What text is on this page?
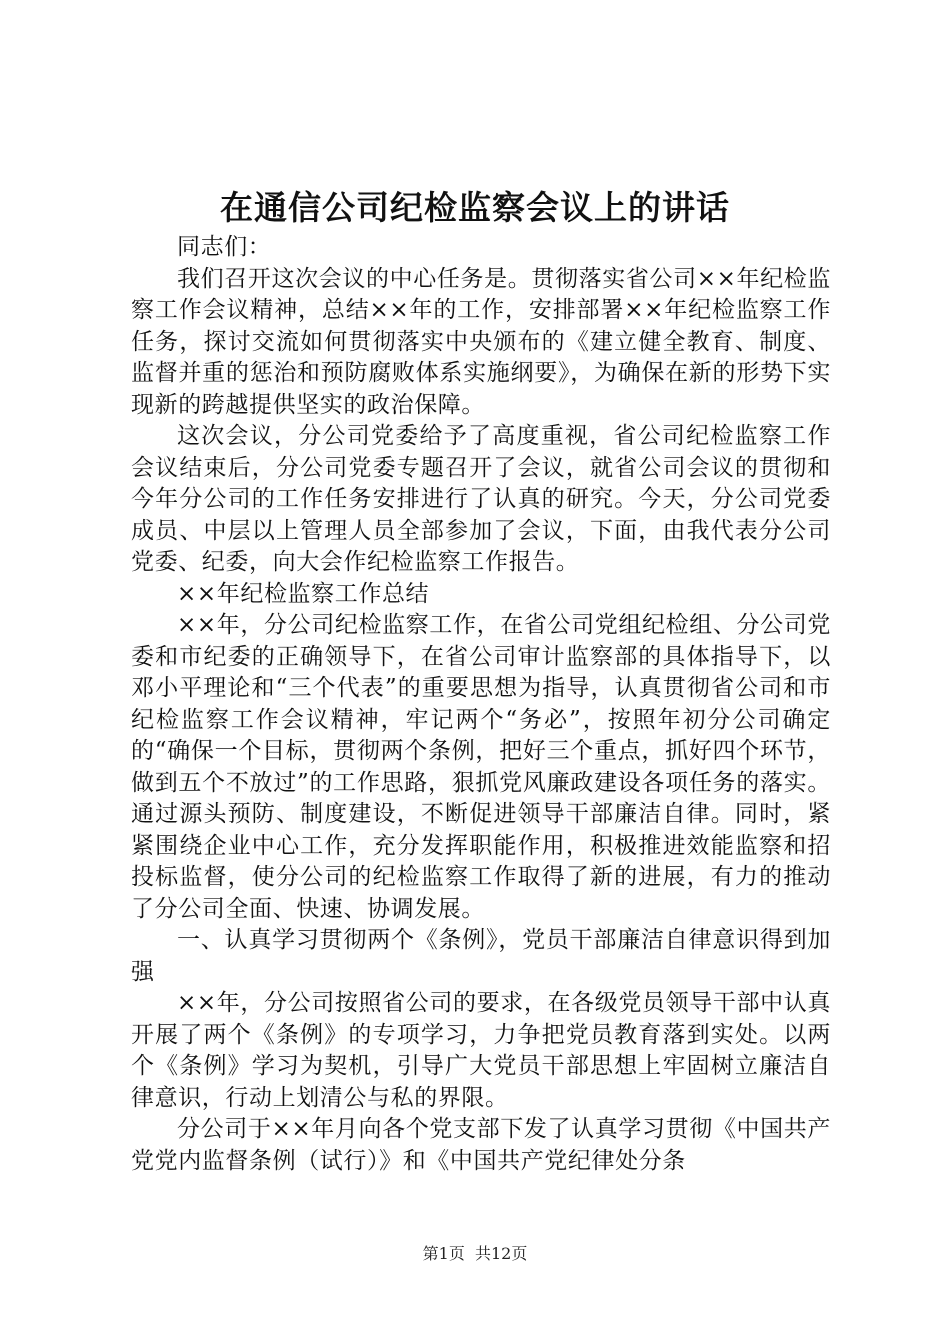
在通信公司纪检监察会议上的讲话

同志们：

我们召开这次会议的中心任务是。贯彻落实省公司××年纪检监察工作会议精神，总结××年的工作，安排部署××年纪检监察工作任务，探讨交流如何贯彻落实中央颁布的《建立健全教育、制度、监督并重的惩治和预防腐败体系实施纲要》，为确保在新的形势下实现新的跨越提供坚实的政治保障。

这次会议，分公司党委给予了高度重视，省公司纪检监察工作会议结束后，分公司党委专题召开了会议，就省公司会议的贯彻和今年分公司的工作任务安排进行了认真的研究。今天，分公司党委成员、中层以上管理人员全部参加了会议，下面，由我代表分公司党委、纪委，向大会作纪检监察工作报告。

××年纪检监察工作总结

××年，分公司纪检监察工作，在省公司党组纪检组、分公司党委和市纪委的正确领导下，在省公司审计监察部的具体指导下，以邓小平理论和“三个代表”的重要思想为指导，认真贯彻省公司和市纪检监察工作会议精神，牢记两个“务必”，按照年初分公司确定的“确保一个目标，贯彻两个条例，把好三个重点，抓好四个环节，做到五个不放过”的工作思路，狠抓党风廉政建设各项任务的落实。通过源头预防、制度建设，不断促进领导干部廉洁自律。同时，紧紧围绕企业中心工作，充分发挥职能作用，积极推进效能监察和招投标监督，使分公司的纪检监察工作取得了新的进展，有力的推动了分公司全面、快速、协调发展。

一、认真学习贯彻两个《条例》，党员干部廉洁自律意识得到加强

××年，分公司按照省公司的要求，在各级党员领导干部中认真开展了两个《条例》的专项学习，力争把党员教育落到实处。以两个《条例》学习为契机，引导广大党员干部思想上牢固树立廉洁自律意识，行动上划清公与私的界限。

分公司于××年月向各个党支部下发了认真学习贯彻《中国共产党党内监督条例（试行）》和《中国共产党纪律处分条

第1页  共12页
